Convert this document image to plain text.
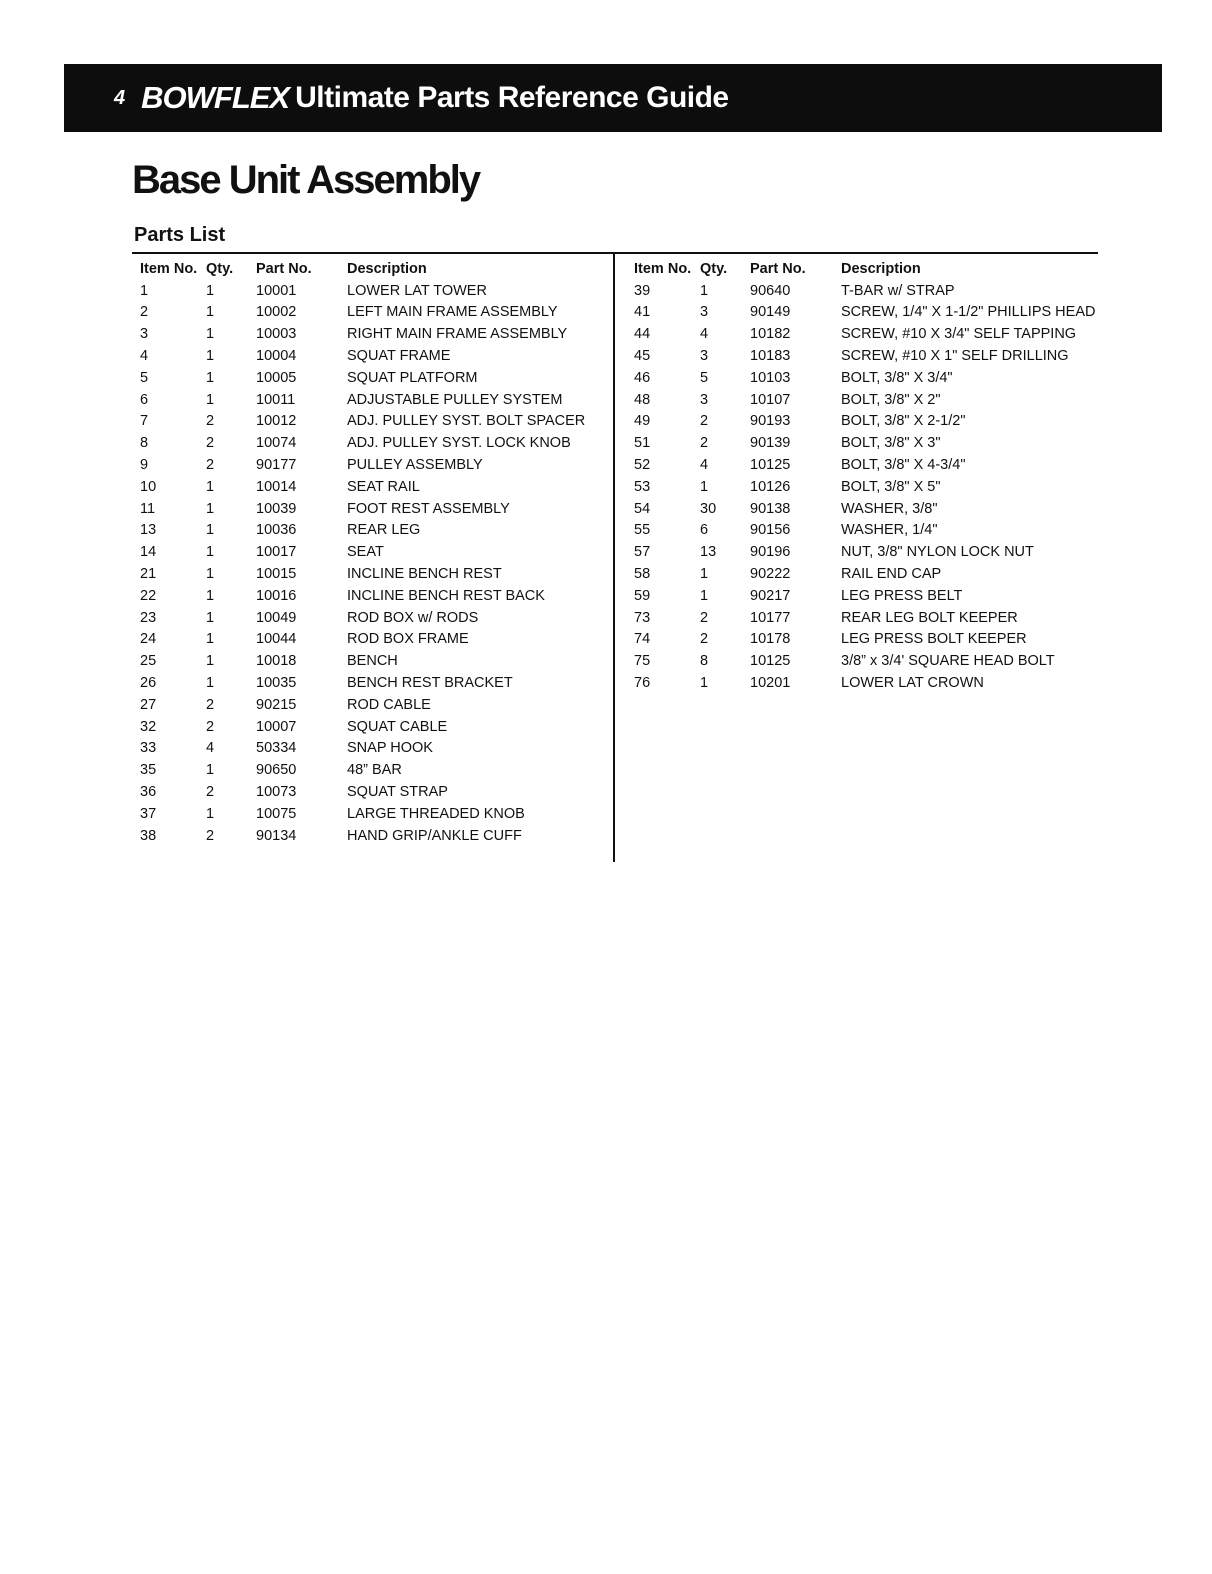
4 BOWFLEX Ultimate Parts Reference Guide
Base Unit Assembly
Parts List
Item No.	Qty.	Part No.	Description
1	1	10001	LOWER LAT TOWER
2	1	10002	LEFT MAIN FRAME ASSEMBLY
3	1	10003	RIGHT MAIN FRAME ASSEMBLY
4	1	10004	SQUAT FRAME
5	1	10005	SQUAT PLATFORM
6	1	10011	ADJUSTABLE PULLEY SYSTEM
7	2	10012	ADJ. PULLEY SYST. BOLT SPACER
8	2	10074	ADJ. PULLEY SYST. LOCK KNOB
9	2	90177	PULLEY ASSEMBLY
10	1	10014	SEAT RAIL
11	1	10039	FOOT REST ASSEMBLY
13	1	10036	REAR LEG
14	1	10017	SEAT
21	1	10015	INCLINE BENCH REST
22	1	10016	INCLINE BENCH REST BACK
23	1	10049	ROD BOX w/ RODS
24	1	10044	ROD BOX FRAME
25	1	10018	BENCH
26	1	10035	BENCH REST BRACKET
27	2	90215	ROD CABLE
32	2	10007	SQUAT CABLE
33	4	50334	SNAP HOOK
35	1	90650	48” BAR
36	2	10073	SQUAT STRAP
37	1	10075	LARGE THREADED KNOB
38	2	90134	HAND GRIP/ANKLE CUFF
Item No.	Qty.	Part No.	Description
39	1	90640	T-BAR w/ STRAP
41	3	90149	SCREW, 1/4" X 1-1/2" PHILLIPS HEAD
44	4	10182	SCREW, #10 X 3/4" SELF TAPPING
45	3	10183	SCREW, #10 X 1" SELF DRILLING
46	5	10103	BOLT, 3/8" X 3/4"
48	3	10107	BOLT, 3/8" X 2"
49	2	90193	BOLT, 3/8" X 2-1/2"
51	2	90139	BOLT, 3/8" X 3"
52	4	10125	BOLT, 3/8" X 4-3/4"
53	1	10126	BOLT, 3/8" X 5"
54	30	90138	WASHER, 3/8"
55	6	90156	WASHER, 1/4"
57	13	90196	NUT, 3/8" NYLON LOCK NUT
58	1	90222	RAIL END CAP
59	1	90217	LEG PRESS BELT
73	2	10177	REAR LEG BOLT KEEPER
74	2	10178	LEG PRESS BOLT KEEPER
75	8	10125	3/8” x 3/4' SQUARE HEAD BOLT
76	1	10201	LOWER LAT CROWN
